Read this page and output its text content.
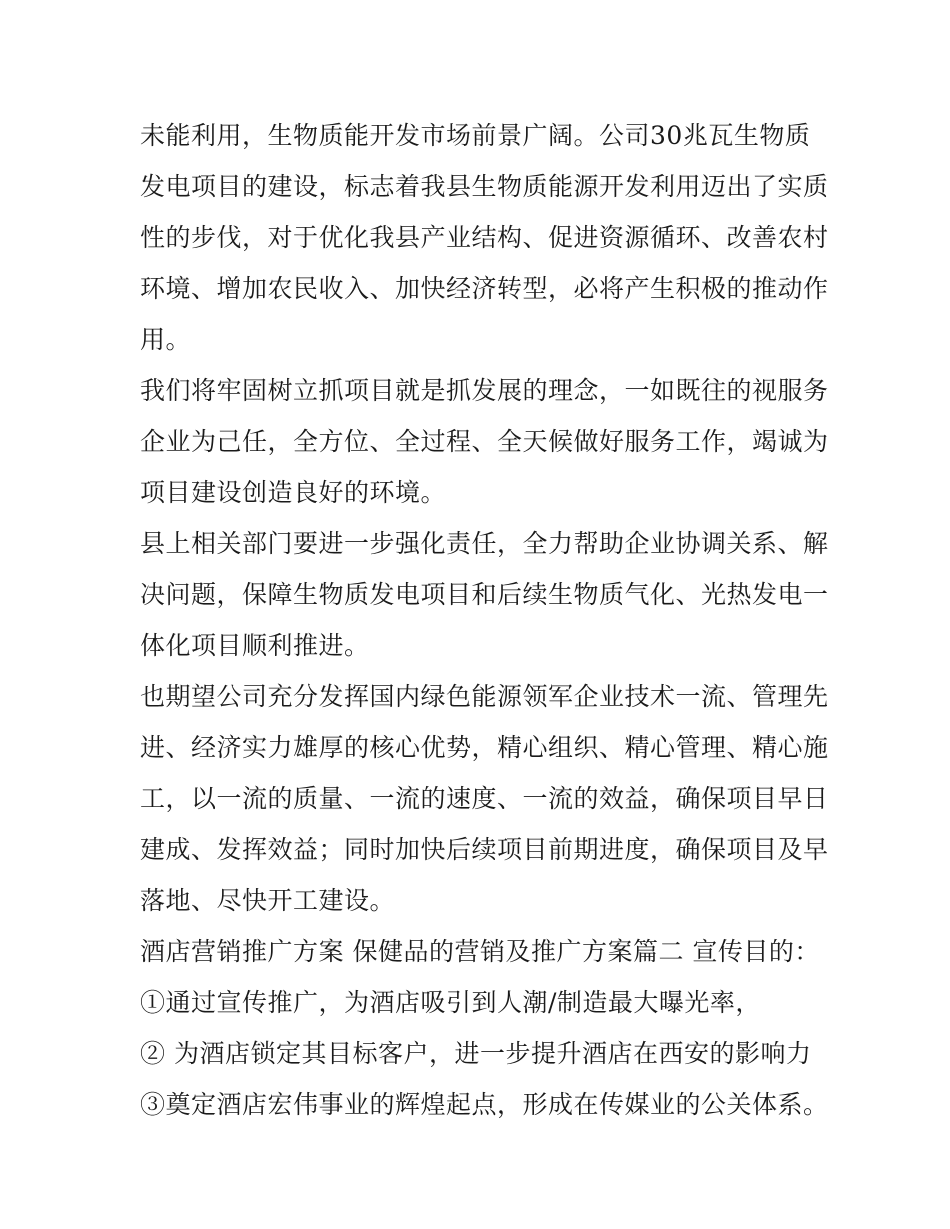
未能利用，生物质能开发市场前景广阔。公司30兆瓦生物质
发电项目的建设，标志着我县生物质能源开发利用迈出了实质
性的步伐，对于优化我县产业结构、促进资源循环、改善农村
环境、增加农民收入、加快经济转型，必将产生积极的推动作
用。

我们将牢固树立抓项目就是抓发展的理念，一如既往的视服务
企业为己任，全方位、全过程、全天候做好服务工作，竭诚为
项目建设创造良好的环境。

县上相关部门要进一步强化责任，全力帮助企业协调关系、解
决问题，保障生物质发电项目和后续生物质气化、光热发电一
体化项目顺利推进。

也期望公司充分发挥国内绿色能源领军企业技术一流、管理先
进、经济实力雄厚的核心优势，精心组织、精心管理、精心施
工，以一流的质量、一流的速度、一流的效益，确保项目早日
建成、发挥效益；同时加快后续项目前期进度，确保项目及早
落地、尽快开工建设。

酒店营销推广方案 保健品的营销及推广方案篇二 宣传目的：

①通过宣传推广，为酒店吸引到人潮/制造最大曝光率，

② 为酒店锁定其目标客户，进一步提升酒店在西安的影响力

③奠定酒店宏伟事业的辉煌起点，形成在传媒业的公关体系。
